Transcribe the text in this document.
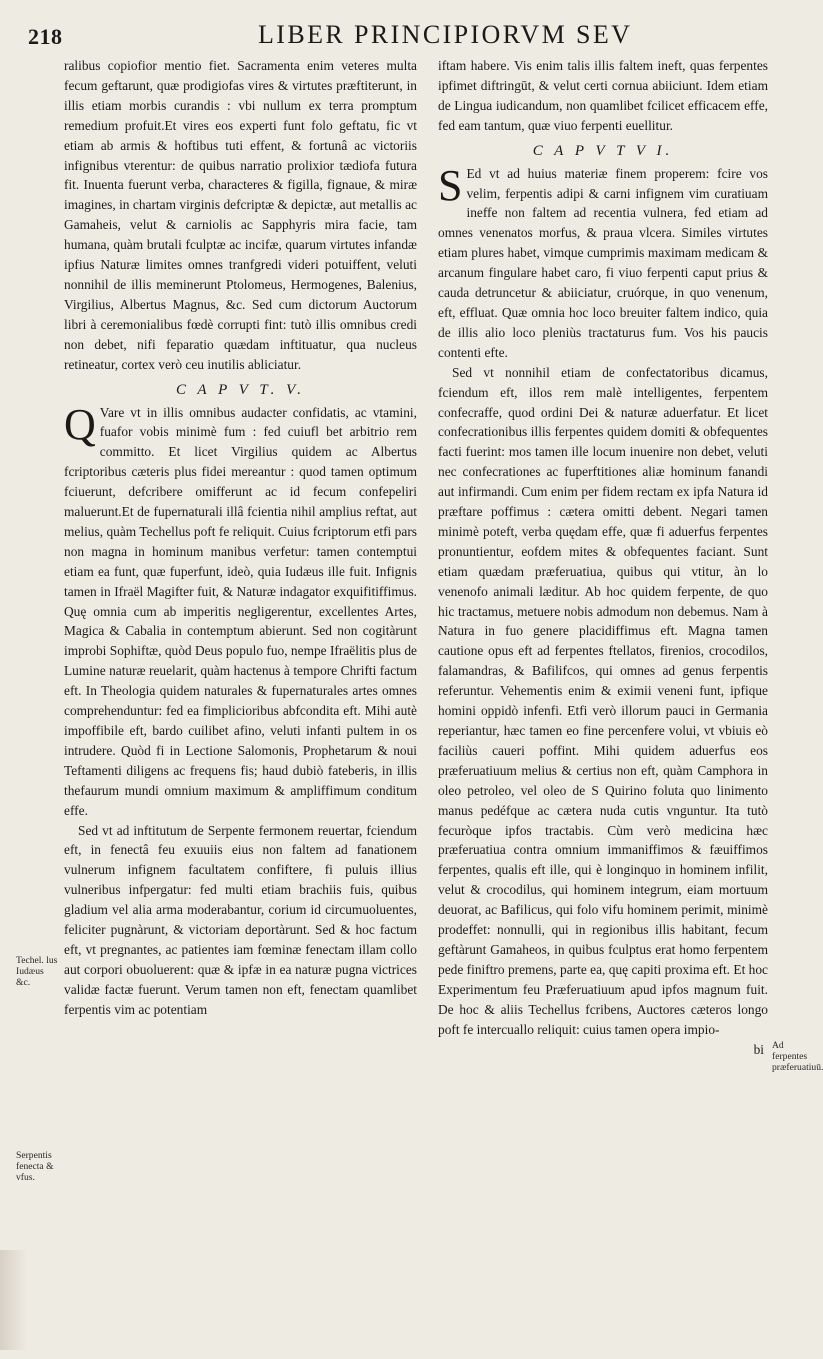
218	LIBER PRINCIPIORVM SEV

ralibus copiofior mentio fiet. Sacramenta enim veteres multa fecum geftarunt, quæ prodigiofas vires & virtutes præftiterunt, in illis etiam morbis curandis : vbi nullum ex terra promptum remedium profuit.Et vires eos experti funt folo geftatu, fic vt etiam ab armis & hoftibus tuti effent, & fortunâ ac victoriis infignibus vterentur: de quibus narratio prolixior tædiofa futura fit. Inuenta fuerunt verba, characteres & figilla, fignaue, & miræ imagines, in chartam virginis defcriptæ & depictæ, aut metallis ac Gamaheis, velut & carniolis ac Sapphyris mira facie, tam humana, quàm brutali fculptæ ac incifæ, quarum virtutes infandæ ipfius Naturæ limites omnes tranfgredi videri potuiffent, veluti nonnihil de illis meminerunt Ptolomeus, Hermogenes, Balenius, Virgilius, Albertus Magnus, &c. Sed cum dictorum Auctorum libri à ceremonialibus fœdè corrupti fint: tutò illis omnibus credi non debet, nifi feparatio quædam inftituatur, qua nucleus retineatur, cortex verò ceu inutilis abliciatur.

C A P V T. V.

Q Vare vt in illis omnibus audacter confidatis, ac vtamini, fuafor vobis minimè fum : fed cuiufl bet arbitrio rem committo. Et licet Virgilius quidem ac Albertus fcriptoribus cæteris plus fidei mereantur : quod tamen optimum fciuerunt, defcribere omifferunt ac id fecum confepeliri maluerunt.Et de fupernaturali illâ fcientia nihil amplius reftat, aut melius, quàm Techellus poft fe reliquit. Cuius fcriptorum etfi pars non magna in hominum manibus verfetur: tamen contemptui etiam ea funt, quæ fuperfunt, ideò, quia Iudæus ille fuit. Infignis tamen in Ifraël Magifter fuit, & Naturæ indagator exquifitiffimus. Quę omnia cum ab imperitis negligerentur, excellentes Artes, Magica & Cabalia in contemptum abierunt. Sed non cogitàrunt improbi Sophiftæ, quòd Deus populo fuo, nempe Ifraëlitis plus de Lumine naturæ reuelarit, quàm hactenus à tempore Chrifti factum eft. In Theologia quidem naturales & fupernaturales artes omnes comprehenduntur: fed ea fimplicioribus abfcondita eft. Mihi autè impoffibile eft, bardo cuilibet afino, veluti infanti pultem in os intrudere. Quòd fi in Lectione Salomonis, Prophetarum & noui Teftamenti diligens ac frequens fis; haud dubiò fateberis, in illis thefaurum mundi omnium maximum & ampliffimum conditum effe.

Sed vt ad inftitutum de Serpente fermonem reuertar, fciendum eft, in fenectâ feu exuuiis eius non faltem ad fanationem vulnerum infignem facultatem confiftere, fi puluis illius vulneribus infpergatur: fed multi etiam brachiis fuis, quibus gladium vel alia arma moderabantur, corium id circumuoluentes, feliciter pugnàrunt, & victoriam deportàrunt. Sed & hoc factum eft, vt pregnantes, ac patientes iam fœminæ fenectam illam collo aut corpori obuoluerent: quæ & ipfæ in ea naturæ pugna victrices validæ factæ fuerunt. Verum tamen non eft, fenectam quamlibet ferpentis vim ac potentiam

iftam habere. Vis enim talis illis faltem ineft, quas ferpentes ipfimet diftringūt, & velut certi cornua abiiciunt. Idem etiam de Lingua iudicandum, non quamlibet fcilicet efficacem effe, fed eam tantum, quæ viuo ferpenti euellitur.

C A P V T V I.

S Ed vt ad huius materiæ finem properem: fcire vos velim, ferpentis adipi & carni infignem vim curatiuam ineffe non faltem ad recentia vulnera, fed etiam ad omnes venenatos morfus, & praua vlcera. Similes virtutes etiam plures habet, vimque cumprimis maximam medicam & arcanum fingulare habet caro, fi viuo ferpenti caput prius & cauda detruncetur & abiiciatur, cruórque, in quo venenum, eft, effluat. Quæ omnia hoc loco breuiter faltem indico, quia de illis alio loco pleniùs tractaturus fum. Vos his paucis contenti efte.

Sed vt nonnihil etiam de confectatoribus dicamus, fciendum eft, illos rem malè intelligentes, ferpentem confecraffe, quod ordini Dei & naturæ aduerfatur. Et licet confecrationibus illis ferpentes quidem domiti & obfequentes facti fuerint: mos tamen ille locum inuenire non debet, veluti nec confecrationes ac fuperftitiones aliæ hominum fanandi aut infirmandi. Cum enim per fidem rectam ex ipfa Natura id præftare poffimus : cætera omitti debent. Negari tamen minimè poteft, verba quędam effe, quæ fi aduerfus ferpentes pronuntientur, eofdem mites & obfequentes faciant. Sunt etiam quædam præferuatiua, quibus qui vtitur, àn lo venenofo animali læditur. Ab hoc quidem ferpente, de quo hic tractamus, metuere nobis admodum non debemus. Nam à Natura in fuo genere placidiffimus eft. Magna tamen cautione opus eft ad ferpentes ftellatos, firenios, crocodilos, falamandras, & Bafilifcos, qui omnes ad genus ferpentis referuntur. Vehementis enim & eximii veneni funt, ipfique homini oppidò infenfi. Etfi verò illorum pauci in Germania reperiantur, hæc tamen eo fine percenfere volui, vt vbiuis eò faciliùs caueri poffint. Mihi quidem aduerfus eos præferuatiuum melius & certius non eft, quàm Camphora in oleo petroleo, vel oleo de S Quirino foluta quo linimento manus pedéfque ac cætera nuda cutis vnguntur. Ita tutò fecuròque ipfos tractabis. Cùm verò medicina hæc præferuatiua contra omnium immaniffimos & fæuiffimos ferpentes, qualis eft ille, qui è longinquo in hominem infilit, velut & crocodilus, qui hominem integrum, eiam mortuum deuorat, ac Bafilicus, qui folo vifu hominem perimit, minimè prodeffet: nonnulli, qui in regionibus illis habitant, fecum geftàrunt Gamaheos, in quibus fculptus erat homo ferpentem pede finiftro premens, parte ea, quę capiti proxima eft. Et hoc Experimentum feu Præferuatiuum apud ipfos magnum fuit. De hoc & aliis Techellus fcribens, Auctores cæteros longo poft fe intercuallo reliquit: cuius tamen opera impio-

bi
Techel. lus Iudæus &c.
Serpentis fenecta & vfus.
Ad ferpentes præferuatiuū.
